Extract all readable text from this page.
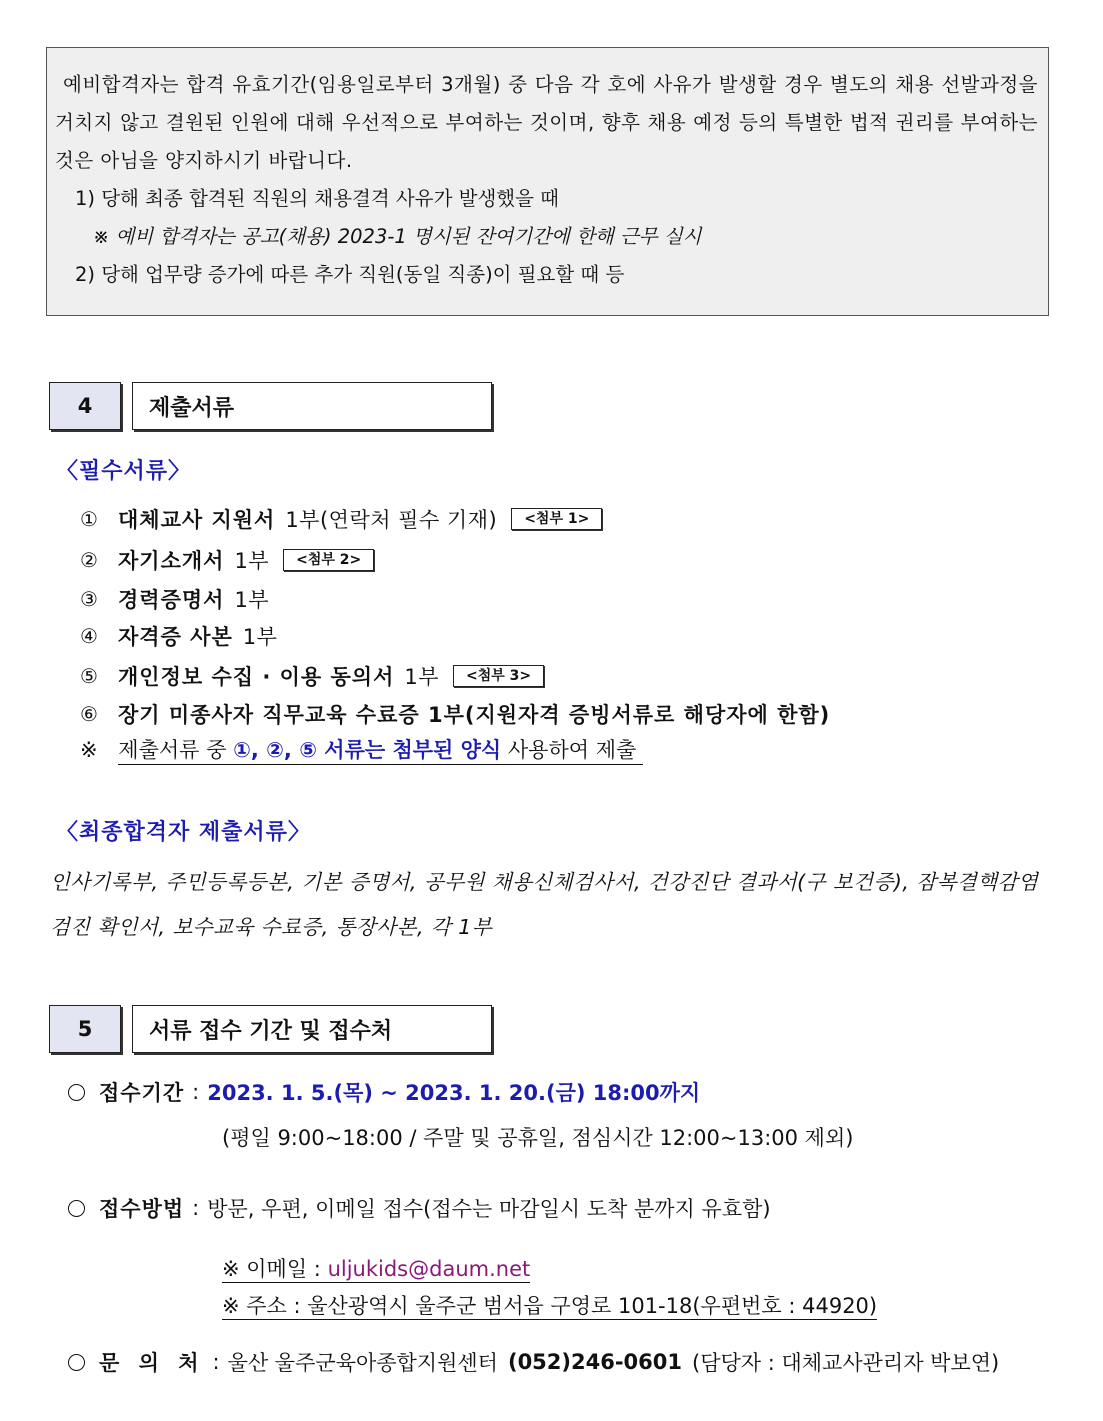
예비합격자는 합격 유효기간(임용일로부터 3개월) 중 다음 각 호에 사유가 발생할 경우 별도의 채용 선발과정을 거치지 않고 결원된 인원에 대해 우선적으로 부여하는 것이며, 향후 채용 예정 등의 특별한 법적 권리를 부여하는 것은 아님을 양지하시기 바랍니다.
1) 당해 최종 합격된 직원의 채용결격 사유가 발생했을 때
※ 예비 합격자는 공고(채용) 2023-1 명시된 잔여기간에 한해 근무 실시
2) 당해 업무량 증가에 따른 추가 직원(동일 직종)이 필요할 때 등
4	제출서류
〈필수서류〉
① 대체교사 지원서 1부(연락처 필수 기재)	<첨부 1>
② 자기소개서 1부	<첨부 2>
③ 경력증명서 1부
④ 자격증 사본 1부
⑤ 개인정보 수집 · 이용 동의서 1부	<첨부 3>
⑥ 장기 미종사자 직무교육 수료증 1부(지원자격 증빙서류로 해당자에 한함)
※ 제출서류 중 ①, ②, ⑤ 서류는 첨부된 양식 사용하여 제출
〈최종합격자 제출서류〉
인사기록부, 주민등록등본, 기본 증명서, 공무원 채용신체검사서, 건강진단 결과서(구 보건증), 잠복결핵감염 검진 확인서, 보수교육 수료증, 통장사본, 각 1부
5	서류 접수 기간 및 접수처
접수기간 : 2023. 1. 5.(목) ~ 2023. 1. 20.(금) 18:00까지
(평일 9:00~18:00 / 주말 및 공휴일, 점심시간 12:00~13:00 제외)
접수방법 : 방문, 우편, 이메일 접수(접수는 마감일시 도착 분까지 유효함)
※ 이메일 : uljukids@daum.net
※ 주소 : 울산광역시 울주군 범서읍 구영로 101-18(우편번호 : 44920)
문 의 처 : 울산 울주군육아종합지원센터 (052)246-0601 (담당자 : 대체교사관리자 박보연)
